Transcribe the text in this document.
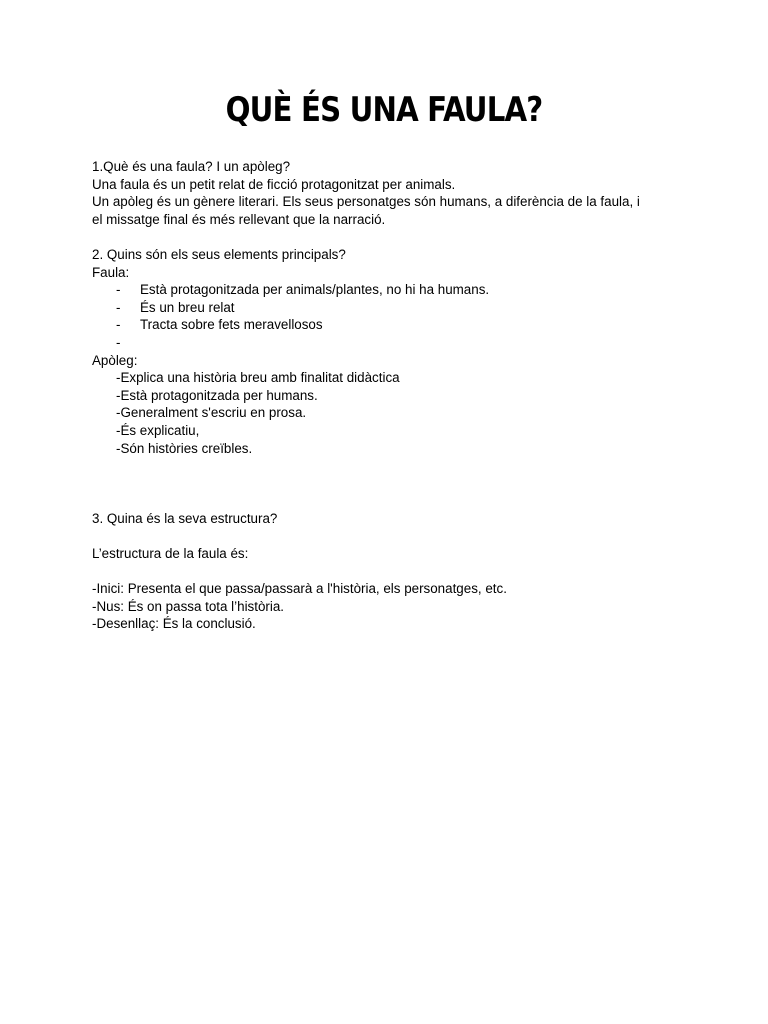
QUÈ ÉS UNA FAULA?
1.Què és una faula? I un apòleg?
Una faula és un petit relat de ficció protagonitzat per animals.
Un apòleg és un gènere literari. Els seus personatges són humans, a diferència de la faula, i
el missatge final és més rellevant que la narració.
2. Quins són els seus elements principals?
Faula:
-	Està protagonitzada per animals/plantes, no hi ha humans.
-	És un breu relat
-	Tracta sobre fets meravellosos
-
Apòleg:
-Explica una història breu amb finalitat didàctica
-Està protagonitzada per humans.
-Generalment s'escriu en prosa.
-És explicatiu,
-Són històries creïbles.
3. Quina és la seva estructura?
L’estructura de la faula és:
-Inici: Presenta el que passa/passarà a l'història, els personatges, etc.
-Nus: És on passa tota l’història.
-Desenllaç: És la conclusió.
